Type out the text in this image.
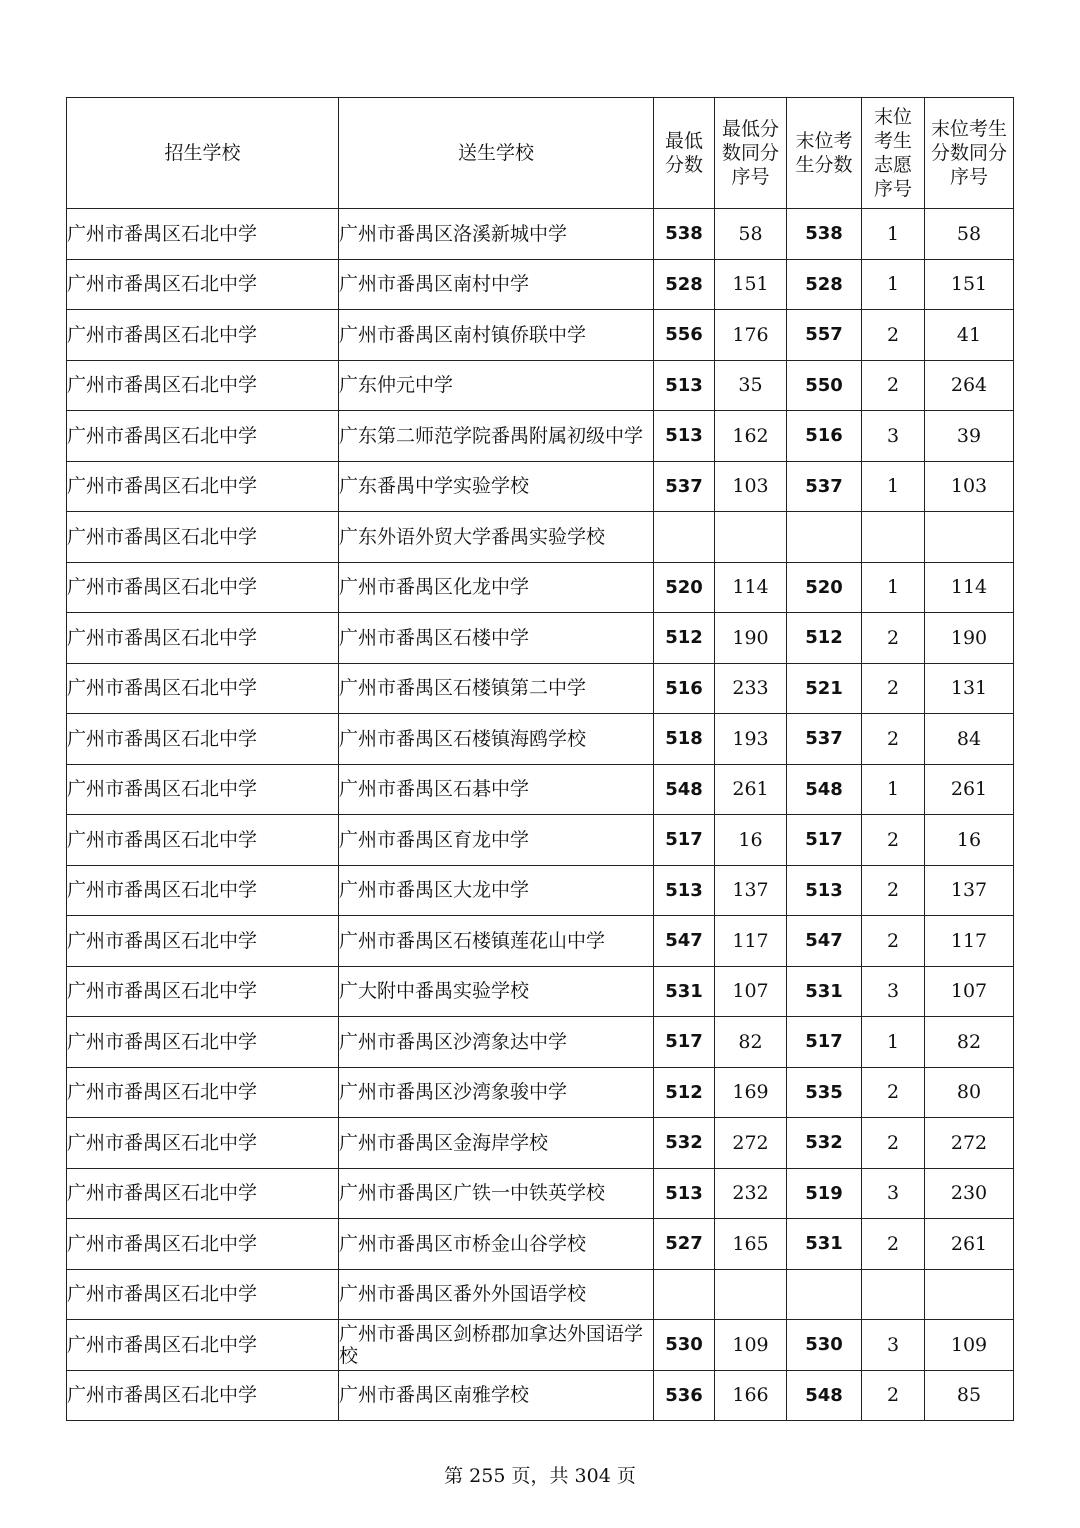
招生学校	送生学校	最低分数	最低分数同分序号	末位考生分数	末位考生志愿序号	末位考生分数同分序号
广州市番禺区石北中学	广州市番禺区洛溪新城中学	538	58	538	1	58
广州市番禺区石北中学	广州市番禺区南村中学	528	151	528	1	151
广州市番禺区石北中学	广州市番禺区南村镇侨联中学	556	176	557	2	41
广州市番禺区石北中学	广东仲元中学	513	35	550	2	264
广州市番禺区石北中学	广东第二师范学院番禺附属初级中学	513	162	516	3	39
广州市番禺区石北中学	广东番禺中学实验学校	537	103	537	1	103
广州市番禺区石北中学	广东外语外贸大学番禺实验学校					
广州市番禺区石北中学	广州市番禺区化龙中学	520	114	520	1	114
广州市番禺区石北中学	广州市番禺区石楼中学	512	190	512	2	190
广州市番禺区石北中学	广州市番禺区石楼镇第二中学	516	233	521	2	131
广州市番禺区石北中学	广州市番禺区石楼镇海鸥学校	518	193	537	2	84
广州市番禺区石北中学	广州市番禺区石碁中学	548	261	548	1	261
广州市番禺区石北中学	广州市番禺区育龙中学	517	16	517	2	16
广州市番禺区石北中学	广州市番禺区大龙中学	513	137	513	2	137
广州市番禺区石北中学	广州市番禺区石楼镇莲花山中学	547	117	547	2	117
广州市番禺区石北中学	广大附中番禺实验学校	531	107	531	3	107
广州市番禺区石北中学	广州市番禺区沙湾象达中学	517	82	517	1	82
广州市番禺区石北中学	广州市番禺区沙湾象骏中学	512	169	535	2	80
广州市番禺区石北中学	广州市番禺区金海岸学校	532	272	532	2	272
广州市番禺区石北中学	广州市番禺区广铁一中铁英学校	513	232	519	3	230
广州市番禺区石北中学	广州市番禺区市桥金山谷学校	527	165	531	2	261
广州市番禺区石北中学	广州市番禺区番外外国语学校					
广州市番禺区石北中学	广州市番禺区剑桥郡加拿达外国语学校	530	109	530	3	109
广州市番禺区石北中学	广州市番禺区南雅学校	536	166	548	2	85
第 255 页，共 304 页
